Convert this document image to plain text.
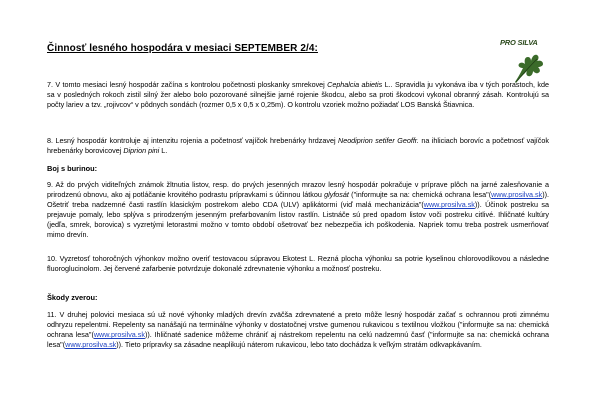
Činnosť lesného hospodára v mesiaci SEPTEMBER 2/4:
PRO SILVA
7. V tomto mesiaci lesný hospodár začína s kontrolou početnosti ploskanky smrekovej Cephalcia abietis L.. Spravidla ju vykonáva iba v tých porastoch, kde sa v posledných rokoch zistil silný žer alebo bolo pozorované silnejšie jarné rojenie škodcu, alebo sa proti škodcovi vykonal obranný zásah. Kontrolujú sa počty lariev a tzv. „rojivcov“ v pôdnych sondách (rozmer 0,5 x 0,5 x 0,25m). O kontrolu vzoriek možno požiadať LOS Banská Štiavnica.
8. Lesný hospodár kontroluje aj intenzitu rojenia a početnosť vajíčok hrebenárky hrdzavej Neodiprion setifer Geoffr. na ihliciach borovíc a početnosť vajíčok hrebenárky borovicovej Diprion pini L.
Boj s burinou:
9. Až do prvých viditeľných známok žltnutia listov, resp. do prvých jesenných mrazov lesný hospodár pokračuje v príprave plôch na jarné zalesňovanie a prirodzenú obnovu, ako aj potláčanie krovitého podrastu prípravkami s účinnou látkou glyfosát ("informujte sa na: chemická ochrana lesa"(www.prosilva.sk)). Ošetriť treba nadzemné časti rastlín klasickým postrekom alebo CDA (ULV) aplikátormi (viď malá mechanizácia"(www.prosilva.sk)). Účinok postreku sa prejavuje pomaly, lebo splýva s prirodzeným jesenným prefarbovaním listov rastlín. Listnáče sú pred opadom listov voči postreku citlivé. Ihličnaté kultúry (jedľa, smrek, borovica) s vyzretými letorastmi možno v tomto období ošetrovať bez nebezpečia ich poškodenia. Napriek tomu treba postrek usmerňovať mimo drevín.
10. Vyzretosť tohoročných výhonkov možno overiť testovacou súpravou Ekotest L. Rezná plocha výhonku sa potrie kyselinou chlorovodíkovou a následne fluoroglucinolom. Jej červené zafarbenie potvrdzuje dokonalé zdrevnatenie výhonku a možnosť postreku.
Škody zverou:
11. V druhej polovici mesiaca sú už nové výhonky mladých drevín zväčša zdrevnatené a preto môže lesný hospodár začať s ochrannou proti zimnému odhryzu repelentmi. Repelenty sa nanášajú na terminálne výhonky v dostatočnej vrstve gumenou rukavicou s textilnou vložkou ("informujte sa na: chemická ochrana lesa"(www.prosilva.sk)). Ihličnaté sadenice môžeme chrániť aj nástrekom repelentu na celú nadzemnú časť ("informujte sa na: chemická ochrana lesa"(www.prosilva.sk)). Tieto prípravky sa zásadne neaplikujú náterom rukavicou, lebo tato dochádza k veľkým stratám odkvapkávaním.
